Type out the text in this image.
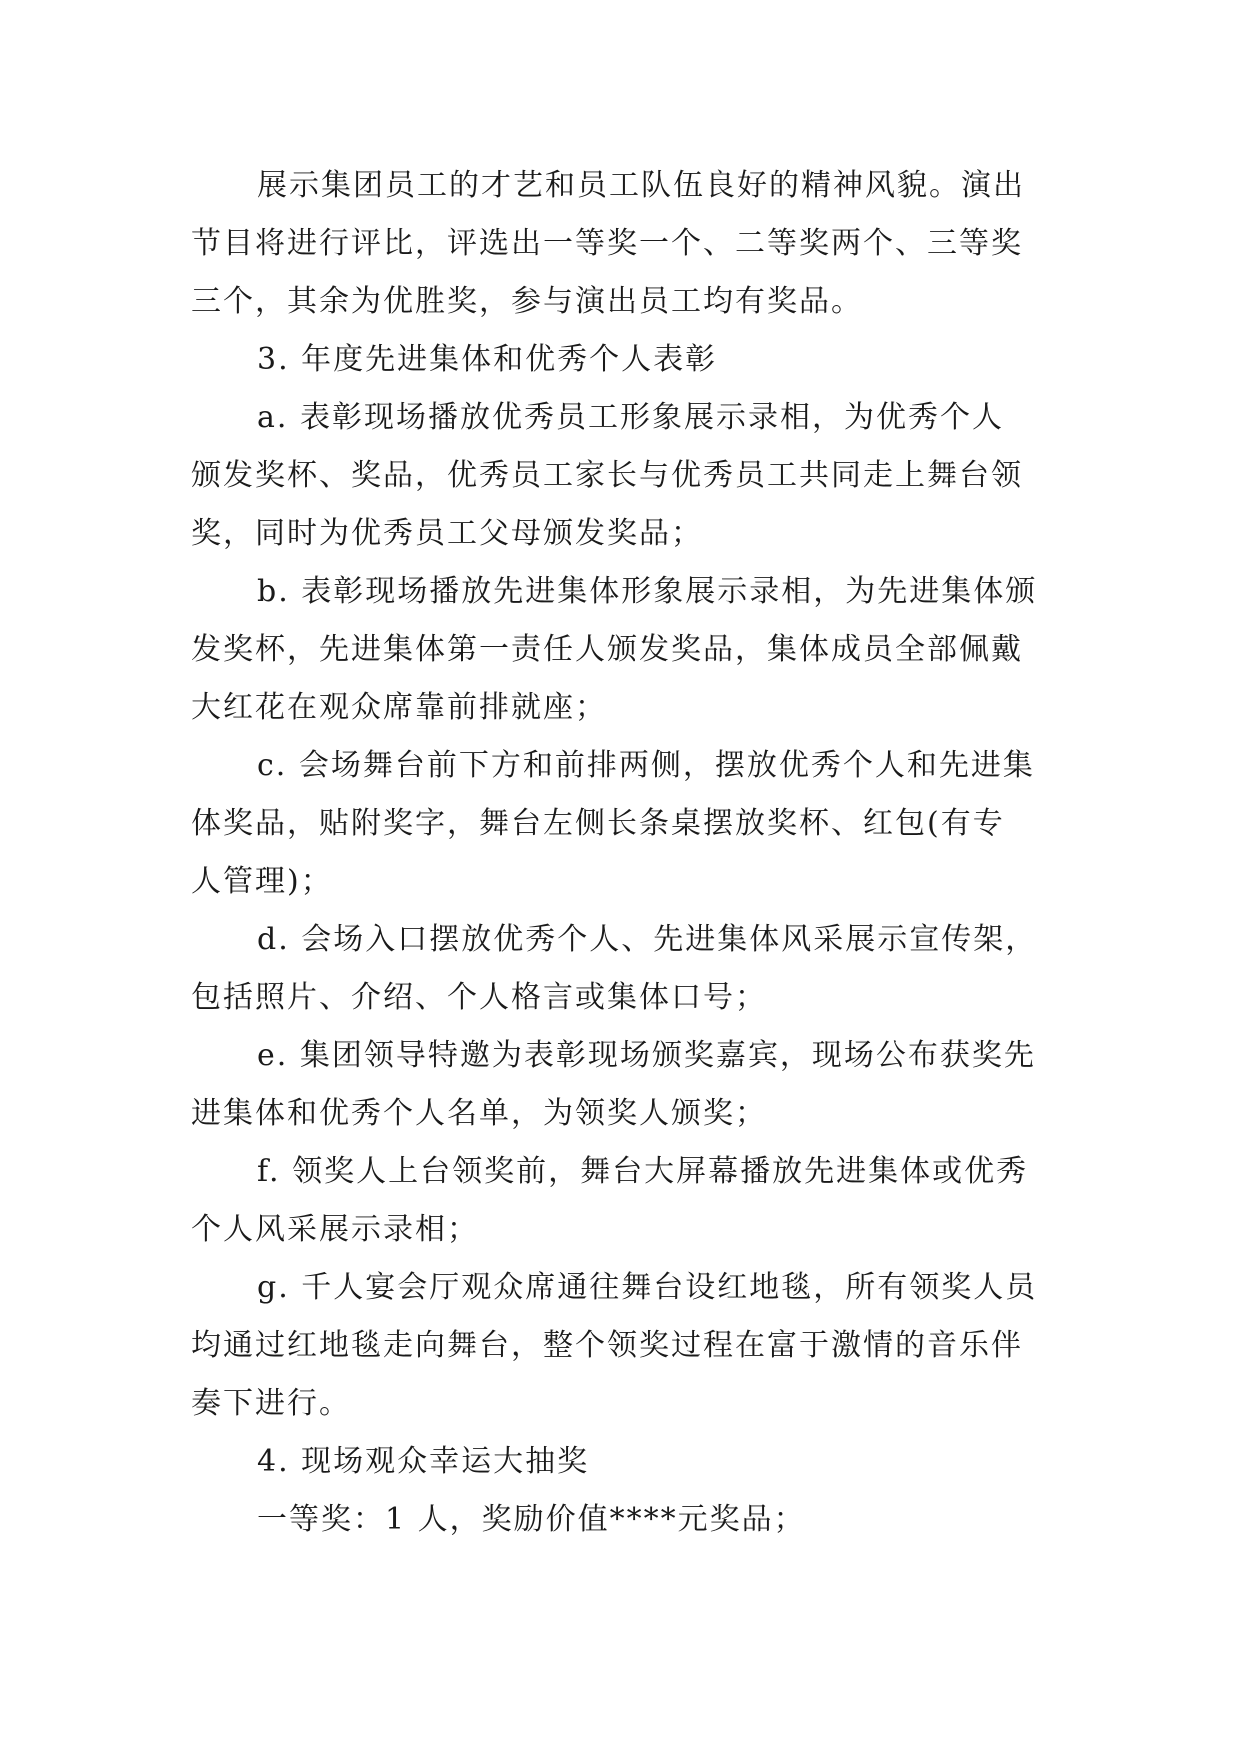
展示集团员工的才艺和员工队伍良好的精神风貌。演出
节目将进行评比，评选出一等奖一个、二等奖两个、三等奖
三个，其余为优胜奖，参与演出员工均有奖品。

3. 年度先进集体和优秀个人表彰

a. 表彰现场播放优秀员工形象展示录相，为优秀个人
颁发奖杯、奖品，优秀员工家长与优秀员工共同走上舞台领
奖，同时为优秀员工父母颁发奖品；

b. 表彰现场播放先进集体形象展示录相，为先进集体颁
发奖杯，先进集体第一责任人颁发奖品，集体成员全部佩戴
大红花在观众席靠前排就座；

c. 会场舞台前下方和前排两侧，摆放优秀个人和先进集
体奖品，贴附奖字，舞台左侧长条桌摆放奖杯、红包(有专
人管理)；

d. 会场入口摆放优秀个人、先进集体风采展示宣传架，
包括照片、介绍、个人格言或集体口号；

e. 集团领导特邀为表彰现场颁奖嘉宾，现场公布获奖先
进集体和优秀个人名单，为领奖人颁奖；

f. 领奖人上台领奖前，舞台大屏幕播放先进集体或优秀
个人风采展示录相；

g. 千人宴会厅观众席通往舞台设红地毯，所有领奖人员
均通过红地毯走向舞台，整个领奖过程在富于激情的音乐伴
奏下进行。

4. 现场观众幸运大抽奖

一等奖：1 人，奖励价值****元奖品；
